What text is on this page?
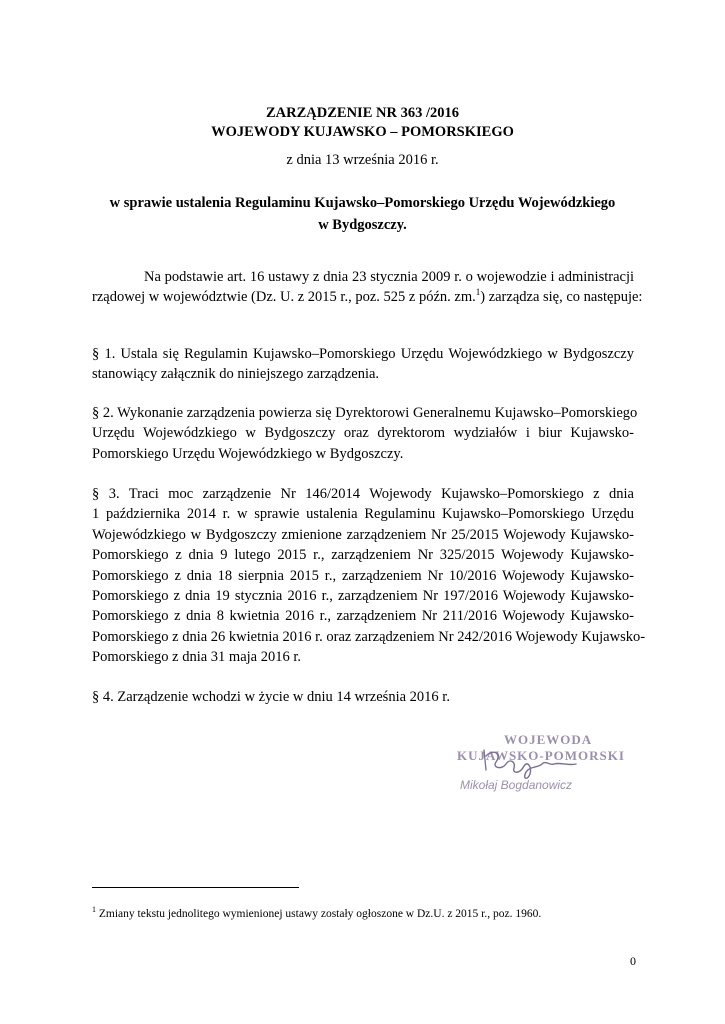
ZARZĄDZENIE NR 363 /2016
WOJEWODY KUJAWSKO – POMORSKIEGO
z dnia 13 września 2016 r.
w sprawie ustalenia Regulaminu Kujawsko–Pomorskiego Urzędu Wojewódzkiego
w Bydgoszczy.
Na podstawie art. 16 ustawy z dnia 23 stycznia 2009 r. o wojewodzie i administracji
rządowej w województwie (Dz. U. z 2015 r., poz. 525 z późn. zm.$^1$) zarządza się, co następuje:
§ 1. Ustala się Regulamin Kujawsko–Pomorskiego Urzędu Wojewódzkiego w Bydgoszczy
stanowiący załącznik do niniejszego zarządzenia.
§ 2. Wykonanie zarządzenia powierza się Dyrektorowi Generalnemu Kujawsko–Pomorskiego
Urzędu Wojewódzkiego w Bydgoszczy oraz dyrektorom wydziałów i biur Kujawsko-
Pomorskiego Urzędu Wojewódzkiego w Bydgoszczy.
§ 3. Traci moc zarządzenie Nr 146/2014 Wojewody Kujawsko–Pomorskiego z dnia
1 października 2014 r. w sprawie ustalenia Regulaminu Kujawsko–Pomorskiego Urzędu
Wojewódzkiego w Bydgoszczy zmienione zarządzeniem Nr 25/2015 Wojewody Kujawsko-
Pomorskiego z dnia 9 lutego 2015 r., zarządzeniem Nr 325/2015 Wojewody Kujawsko-
Pomorskiego z dnia 18 sierpnia 2015 r., zarządzeniem Nr 10/2016 Wojewody Kujawsko-
Pomorskiego z dnia 19 stycznia 2016 r., zarządzeniem Nr 197/2016 Wojewody Kujawsko-
Pomorskiego z dnia 8 kwietnia 2016 r., zarządzeniem Nr 211/2016 Wojewody Kujawsko-
Pomorskiego z dnia 26 kwietnia 2016 r. oraz zarządzeniem Nr 242/2016 Wojewody Kujawsko-
Pomorskiego z dnia 31 maja 2016 r.
§ 4. Zarządzenie wchodzi w życie w dniu 14 września 2016 r.
WOJEWODA
KUJAWSKO-POMORSKI
Mikołaj Bogdanowicz
$^1$ Zmiany tekstu jednolitego wymienionej ustawy zostały ogłoszone w Dz.U. z 2015 r., poz. 1960.
0
